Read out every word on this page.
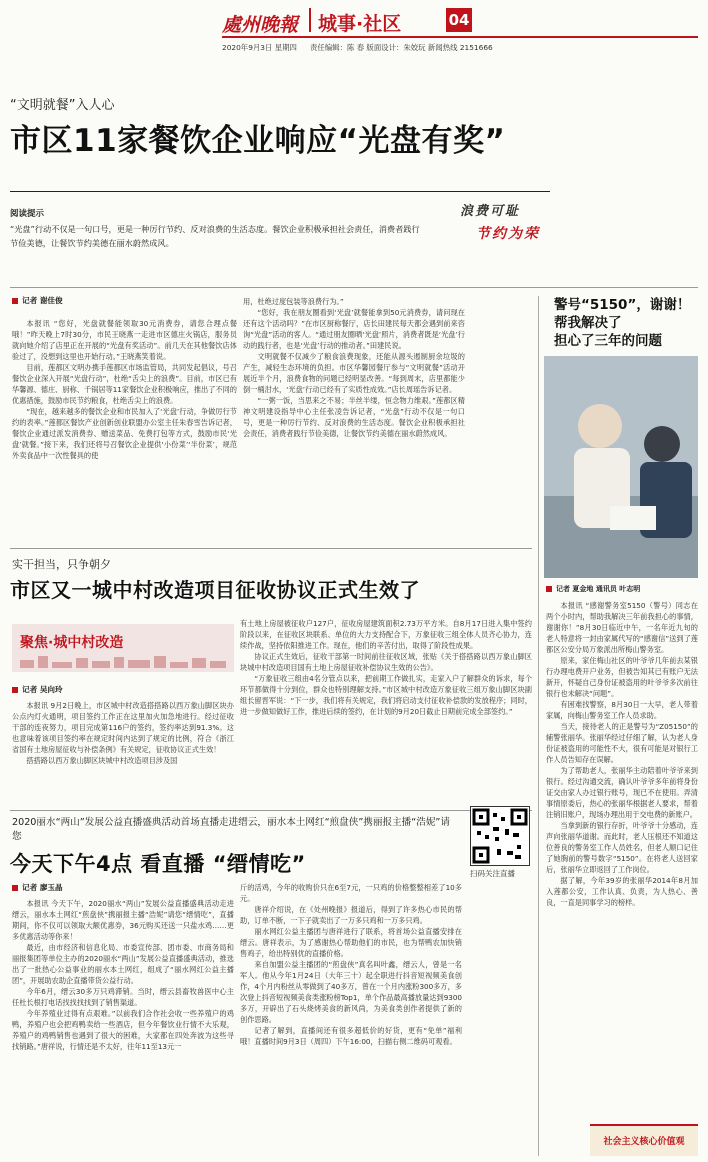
處州晚報 城事·社区	04
2020年9月3日 星期四 责任编辑：陈 春 版面设计：朱姣玩 新闻热线 2151666
“文明就餐”入人心
市区11家餐饮企业响应“光盘有奖”
阅读提示
“光盘”行动不仅是一句口号，更是一种厉行节约、反对浪费的生活态度。餐饮企业积极承担社会责任，消费者践行节俭美德，让餐饮节约美德在丽水蔚然成风。
浪费可耻
节约为荣
记者 谢佳俊

本报讯 “您好，光盘就餐能领取30元消费券，请您合理点餐哦！”昨天晚上7时30分，市民王晓燕一走进市区德庄火锅店，服务员就向她介绍了店里正在开展的“光盘有奖活动”。前几天在其他餐饮店体验过了，没想到这里也开始行动。”王晓燕笑着说。

目前，莲都区文明办携手莲都区市场监管局，共同发起倡议，号召餐饮企业深入开展“光盘行动”，杜绝“舌尖上的浪费”。目前，市区已有华馨源、德庄、厨称、千锅居等11家餐饮企业积极响应，推出了不同的优惠措施，鼓励市民节约粮食，杜绝舌尖上的浪费。

“现在，越来越多的餐饮企业和市民加入了‘光盘’行动，争做厉行节约的表率。”莲都区餐饮产业创新创业联盟办公室主任朱春雪告诉记者，餐饮企业通过派发消费券、赠送菜品、免费打包等方式，鼓励市民‘光盘’就餐。”接下来，我们还将号召餐饮企业提供‘小份菜’‘半份菜’，规范外卖食品中一次性餐具的使

用，杜绝过度包装等浪费行为。”

“您好，我在朋友圈看到‘光盘’就餐能拿到50元消费券，请问现在还有这个活动吗？”在市区厨称餐厅，店长田建民每天都会遇到前来咨询“光盘”活动的客人。“通过朋友圈晒‘光盘’照片，消费者既是‘光盘’行动的践行者，也是‘光盘’行动的推动者。”田建民说。

文明就餐不仅减少了粮食浪费现象，还能从源头遏制厨余垃圾的产生，减轻生态环境的负担。市区华馨园餐厅参与“文明就餐”活动开展近半个月，浪费食物的问题已经明显改善。“每到周末，店里都能少倒一桶泔水，‘光盘’行动已经有了实质性成效。”店长周瑶告诉记者。

“一粥一饭，当思来之不易；半丝半缕，恒念物力维艰。”莲都区精神文明建设指导中心主任张凌告诉记者，“光盘”行动不仅是一句口号，更是一种厉行节约、反对浪费的生活态度。餐饮企业积极承担社会责任，消费者践行节俭美德，让餐饮节约美德在丽水蔚然成风。

警号“5150”，谢谢！
帮我解决了
担心了三年的问题
记者 夏金地 通讯员 叶志明

本报讯 “感谢警务室5150（警号）同志在两个小时内，帮助我解决三年前我担心的事情，谢谢你！”8月30日临近中午，一名年近九旬的老人特意将一封由家属代写的“感谢信”送到了莲都区公安分局万象派出所梅山警务室。

原来，家住梅山社区的叶爷爷几年前去某银行办理电费开户业务，但被告知其已有账户无法新开，怀疑自己身份证被盗用的叶爷爷多次前往银行也未解决“问题”。

有困难找警察，8月30日一大早，老人带着家属，向梅山警务室工作人员求助。

当天，接待老人的正是警号为“Z05150”的辅警张丽华。张丽华经过仔细了解，认为老人身份证被盗用的可能性不大，很有可能是对银行工作人员告知存在误解。

为了帮助老人，张丽华主动陪着叶爷爷来到银行。经过沟通交流，确认叶爷爷多年前将身份证交由家人办过银行账号，现已不在使用。弄清事情原委后，热心的张丽华根据老人要求，帮着注销旧账户，现场办理出用于交电费的新账户。

当拿到新的银行存折，叶爷爷十分感动，连声向张丽华道谢。而此时，老人压根还不知道这位善良的警务室工作人员姓名，但老人顺口记住了她胸前的警号数字“5150”。在将老人送回家后，张丽华立即返回了工作岗位。

据了解，今年39岁的张丽华2014年8月加入莲都公安，工作认真、负责，为人热心、善良，一直是同事学习的榜样。

社会主义核心价值观
实干担当，只争朝夕
市区又一城中村改造项目征收协议正式生效了
聚焦·城中村改造
记者 吴向玲

本报讯 9月2日晚上，市区城中村改造搭搭路以西万象山脚区块办公点内灯火通明，项目签约工作正在这里加火加急地进行。经过征收干部的连夜努力，项目完成第116户的签约，签约率达到91.3%。这也意味着该项目签约率在规定时间内达到了规定的比例，符合《浙江省国有土地房屋征收与补偿条例》有关规定，征收协议正式生效！

搭搭路以西万象山脚区块城中村改造项目涉及国

有土地上房屋被征收户127户，征收房屋建筑面积2.73万平方米。自8月17日进入集中签约阶段以来，在征收区块联系、单位的大力支持配合下，万象征收三组全体人员齐心协力，连续作战，坚持依阳推进工作。现在，他们的辛苦付出，取得了阶段性成果。

协议正式生效后，征收干部第一时间前往征收区域，张贴《关于搭搭路以西万象山脚区块城中村改造项目国有土地上房屋征收补偿协议生效的公告》。

“万象征收三组由4名分管点以来，把前期工作做扎实，走家入户了解群众的诉求，每个环节都做得十分到位，群众也特别理解支持。”市区城中村改造万象征收三组万象山脚区块副组长留晋军说：“下一步，我们将有关规定，我们将启动支付征收补偿款的发放程序；同时，进一步做知做好工作，推进后续的签约，在计划的9月20日截止日期前完成全部签约。”

2020丽水“两山”发展公益直播盛典活动首场直播走进缙云，丽水本土网红“煎盘侠”携丽报主播“浩妮”请您
今天下午4点 看直播 “缙情吃”	扫码关注直播
记者 廖玉晶

本报讯 今天下午，2020丽水“两山”发展公益直播盛典活动走进缙云，丽水本土网红“煎盘侠”携丽报主播“浩妮”请您“缙情吃”，直播期间，你不仅可以领取大额优惠券，36元购买还送一只盐水鸡……更多优惠活动等你来！

最近，由市经济和信息化局、市委宣传部、团市委、市商务局和丽报集团等单位主办的2020丽水“两山”发展公益直播盛典活动，推选出了一批热心公益事业的丽水本土网红，组成了“丽水网红公益主播团”，开展助农助企直播带货公益行动。

今年6月，缙云30多万只鸡滞销。当时，缙云县畜牧兽医中心主任杜长根打电话找找找找到了销售渠道。

今年养殖业过得有点艰难。”以前我们合作社会收一些养殖户的鸡鸭，养殖户也会把鸡鸭卖给一些酒店，但今年餐饮业行情不大乐观，养殖户的鸡鸭销售也遇到了很大的困难，大家都在四处奔波为这些寻找销路。”唐祥说，行情还是不太好，往年11至13元一

斤的活鸡，今年的收购价只在6至7元，一只鸡的价格整整相差了10多元。

唐祥介绍说，在《处州晚报》报道后，得到了许多热心市民的帮助，订单不断，一下子就卖出了一万多只鸡和一万多只鸡。

丽水网红公益主播团与唐祥进行了联系，将首场公益直播安排在缙云。唐祥表示，为了感谢热心帮助他们的市民，也为帮鸭农加快销售鸡子，给出特别优的直播价格。

来自加盟公益主播团的“煎盘侠”真名叫叶鑫，缙云人，曾是一名军人。他从今年1月24日（大年三十）起全职进行抖音短视频美食创作，4个月内粉丝从零做到了40多万，曾在一个月内涨粉300多万，多次登上抖音短视频美食类涨粉榜Top1，单个作品最高播放量达到9300多万，开辟出了石头烧烤美食的新风尚，为美食类创作者提供了新的创作思路。

记者了解到，直播间还有很多超低价的好货，更有“免单”福利哦！直播时间9月3日（周四）下午16:00，扫描右侧二维码可观看。
